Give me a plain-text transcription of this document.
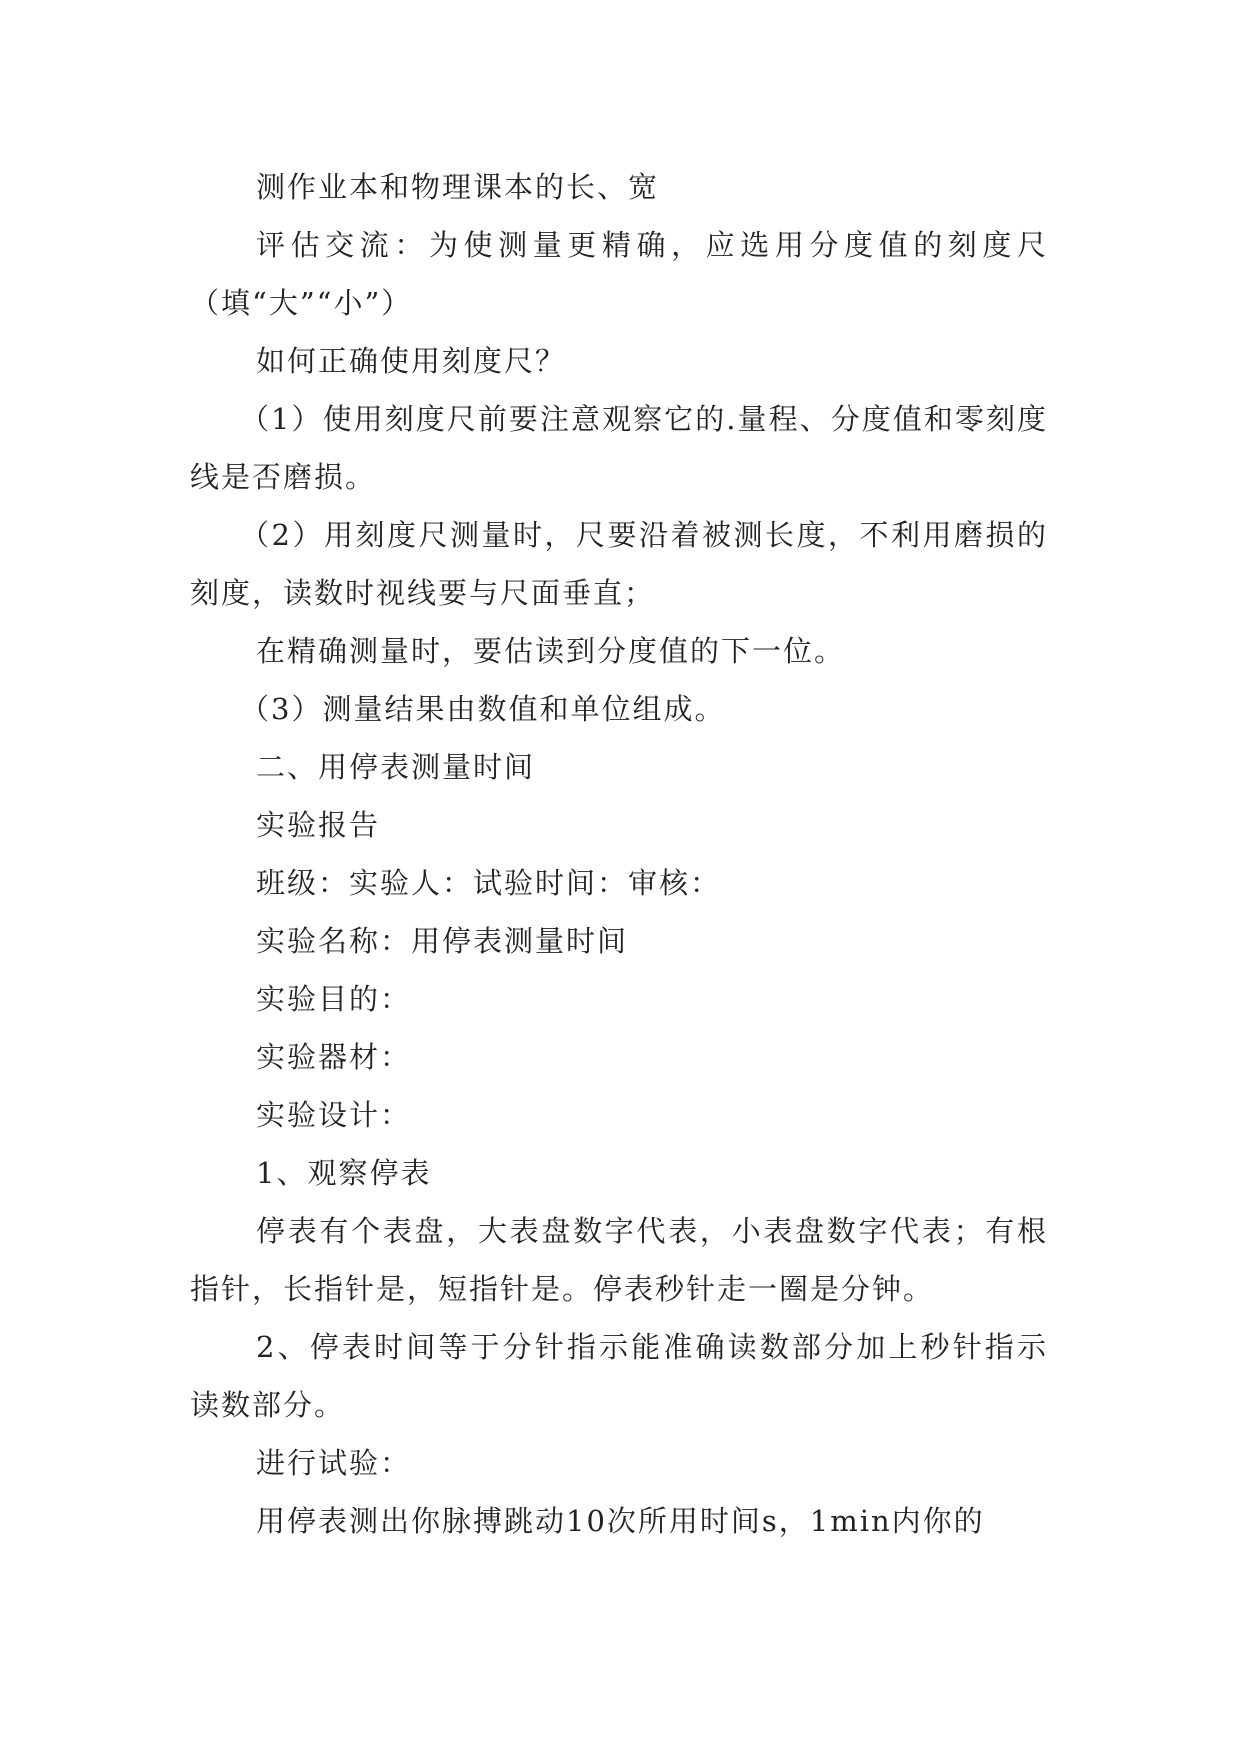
测作业本和物理课本的长、宽

评估交流：为使测量更精确，应选用分度值的刻度尺（填“大”“小”）

如何正确使用刻度尺？

（1）使用刻度尺前要注意观察它的.量程、分度值和零刻度线是否磨损。

（2）用刻度尺测量时，尺要沿着被测长度，不利用磨损的刻度，读数时视线要与尺面垂直；

在精确测量时，要估读到分度值的下一位。

（3）测量结果由数值和单位组成。

二、用停表测量时间

实验报告

班级：实验人：试验时间：审核：

实验名称：用停表测量时间

实验目的：

实验器材：

实验设计：

1、观察停表

停表有个表盘，大表盘数字代表，小表盘数字代表；有根指针，长指针是，短指针是。停表秒针走一圈是分钟。

2、停表时间等于分针指示能准确读数部分加上秒针指示读数部分。

进行试验：

用停表测出你脉搏跳动10次所用时间s，1min内你的
